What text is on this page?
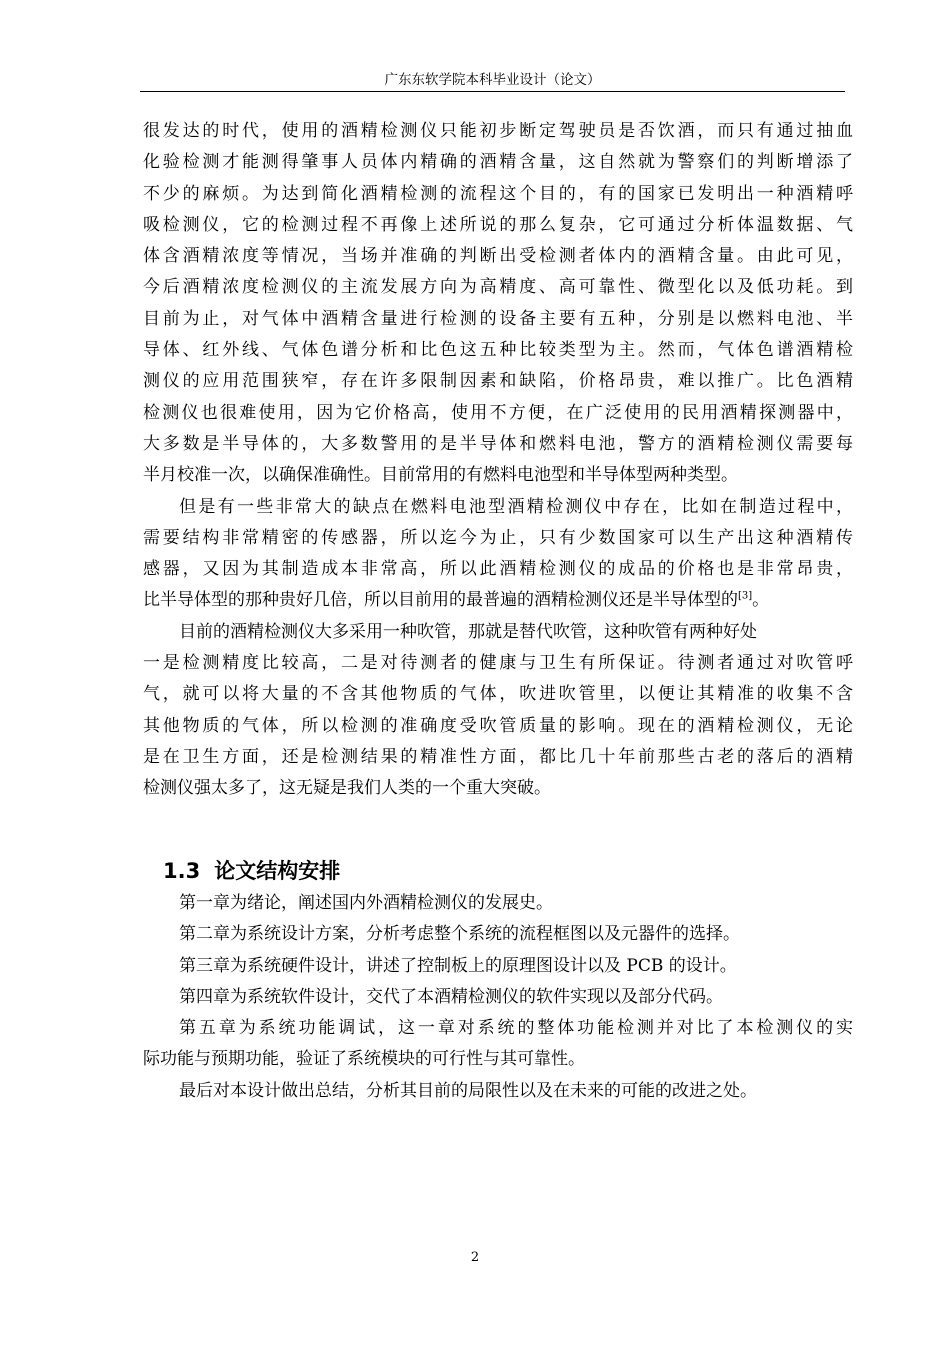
广东东软学院本科毕业设计（论文）
很发达的时代，使用的酒精检测仪只能初步断定驾驶员是否饮酒，而只有通过抽血
化验检测才能测得肇事人员体内精确的酒精含量，这自然就为警察们的判断增添了
不少的麻烦。为达到简化酒精检测的流程这个目的，有的国家已发明出一种酒精呼
吸检测仪，它的检测过程不再像上述所说的那么复杂，它可通过分析体温数据、气
体含酒精浓度等情况，当场并准确的判断出受检测者体内的酒精含量。由此可见，
今后酒精浓度检测仪的主流发展方向为高精度、高可靠性、微型化以及低功耗。到
目前为止，对气体中酒精含量进行检测的设备主要有五种，分别是以燃料电池、半
导体、红外线、气体色谱分析和比色这五种比较类型为主。然而，气体色谱酒精检
测仪的应用范围狭窄，存在许多限制因素和缺陷，价格昂贵，难以推广。比色酒精
检测仪也很难使用，因为它价格高，使用不方便，在广泛使用的民用酒精探测器中，
大多数是半导体的，大多数警用的是半导体和燃料电池，警方的酒精检测仪需要每
半月校准一次，以确保准确性。目前常用的有燃料电池型和半导体型两种类型。
但是有一些非常大的缺点在燃料电池型酒精检测仪中存在，比如在制造过程中，
需要结构非常精密的传感器，所以迄今为止，只有少数国家可以生产出这种酒精传
感器，又因为其制造成本非常高，所以此酒精检测仪的成品的价格也是非常昂贵，
比半导体型的那种贵好几倍，所以目前用的最普遍的酒精检测仪还是半导体型的[3]。
目前的酒精检测仪大多采用一种吹管，那就是替代吹管，这种吹管有两种好处
一是检测精度比较高，二是对待测者的健康与卫生有所保证。待测者通过对吹管呼
气，就可以将大量的不含其他物质的气体，吹进吹管里，以便让其精准的收集不含
其他物质的气体，所以检测的准确度受吹管质量的影响。现在的酒精检测仪，无论
是在卫生方面，还是检测结果的精准性方面，都比几十年前那些古老的落后的酒精
检测仪强太多了，这无疑是我们人类的一个重大突破。
1.3 论文结构安排
第一章为绪论，阐述国内外酒精检测仪的发展史。
第二章为系统设计方案，分析考虑整个系统的流程框图以及元器件的选择。
第三章为系统硬件设计，讲述了控制板上的原理图设计以及 PCB 的设计。
第四章为系统软件设计，交代了本酒精检测仪的软件实现以及部分代码。
第五章为系统功能调试，这一章对系统的整体功能检测并对比了本检测仪的实
际功能与预期功能，验证了系统模块的可行性与其可靠性。
最后对本设计做出总结，分析其目前的局限性以及在未来的可能的改进之处。
2
